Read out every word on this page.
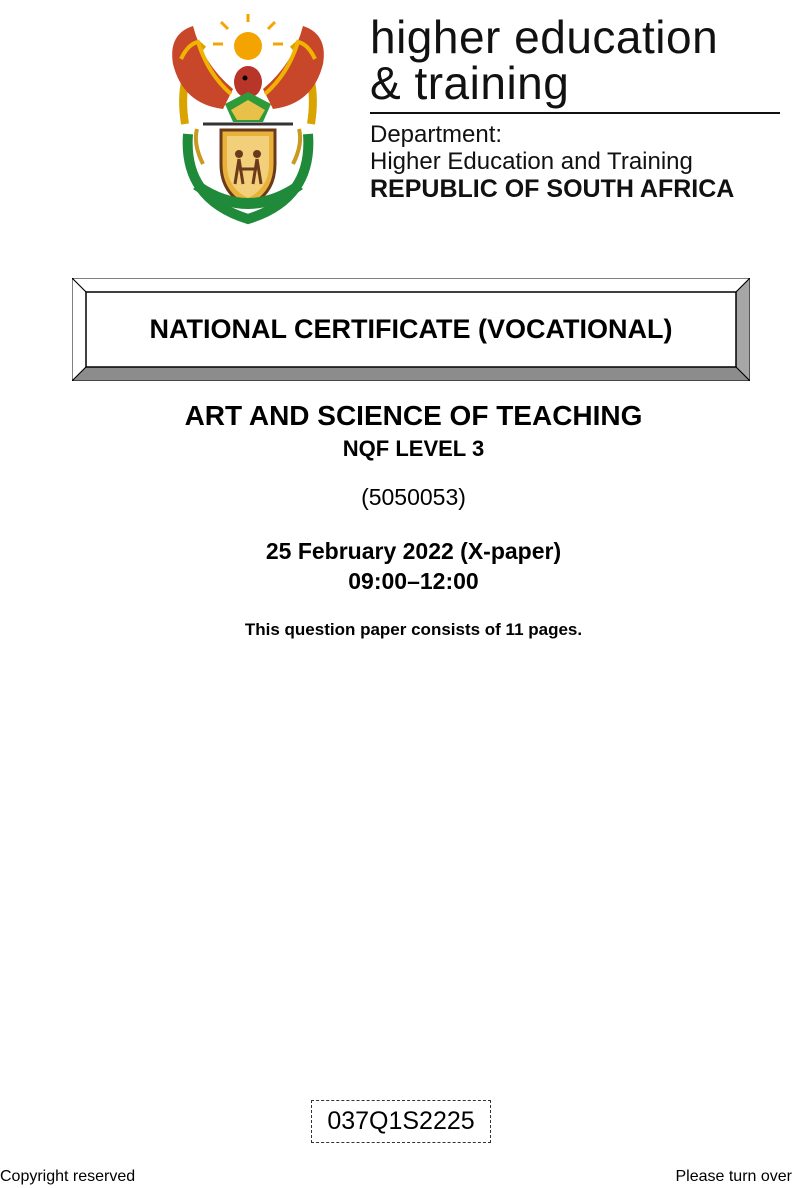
higher education
& training
Department:
Higher Education and Training
REPUBLIC OF SOUTH AFRICA
NATIONAL CERTIFICATE (VOCATIONAL)
ART AND SCIENCE OF TEACHING
NQF LEVEL 3
(5050053)
25 February 2022 (X-paper)
09:00–12:00
This question paper consists of 11 pages.
037Q1S2225
Copyright reserved	Please turn over
